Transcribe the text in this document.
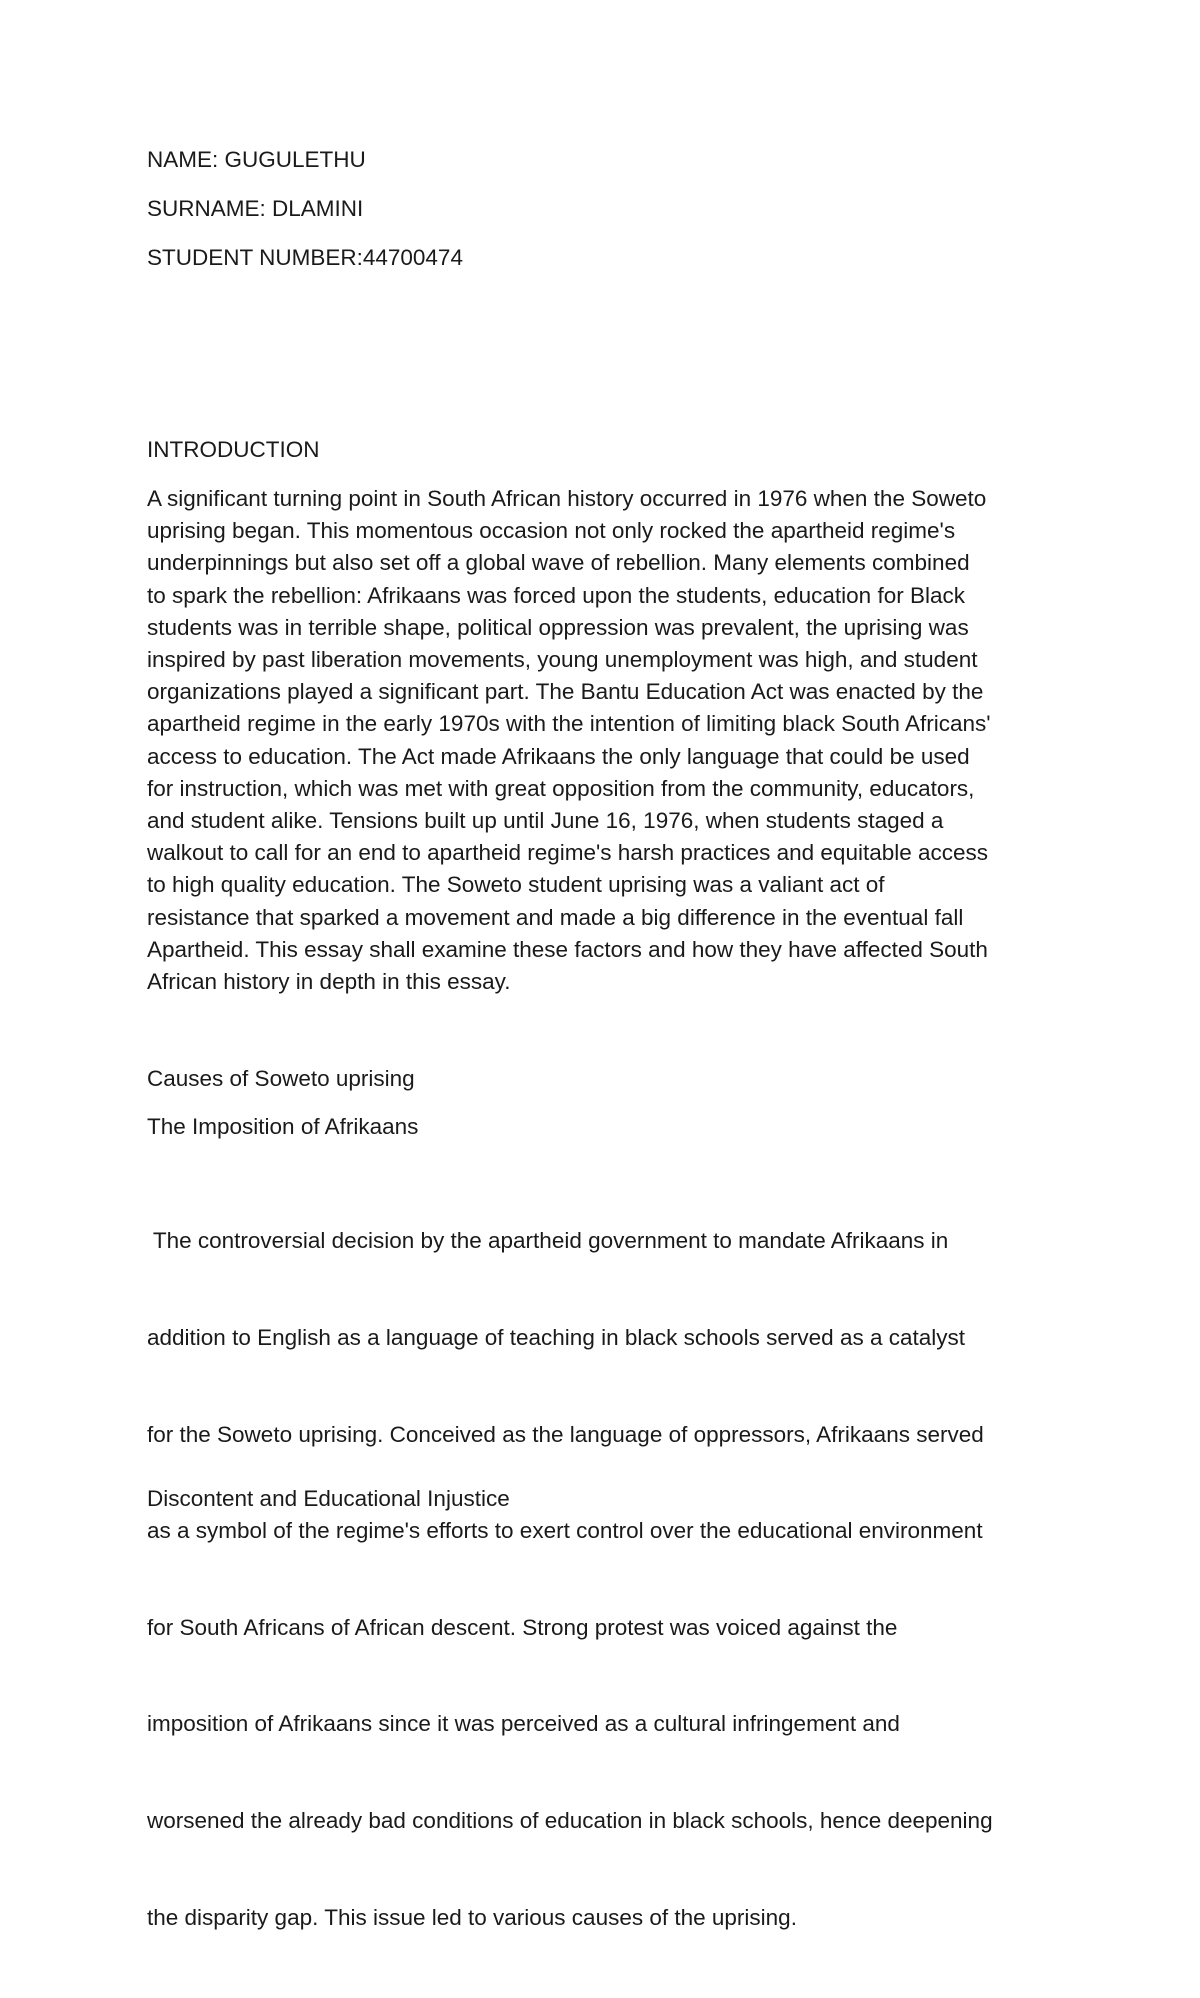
NAME: GUGULETHU

SURNAME: DLAMINI

STUDENT NUMBER:44700474

INTRODUCTION

A significant turning point in South African history occurred in 1976 when the Soweto
uprising began. This momentous occasion not only rocked the apartheid regime's
underpinnings but also set off a global wave of rebellion. Many elements combined
to spark the rebellion: Afrikaans was forced upon the students, education for Black
students was in terrible shape, political oppression was prevalent, the uprising was
inspired by past liberation movements, young unemployment was high, and student
organizations played a significant part. The Bantu Education Act was enacted by the
apartheid regime in the early 1970s with the intention of limiting black South Africans'
access to education. The Act made Afrikaans the only language that could be used
for instruction, which was met with great opposition from the community, educators,
and student alike. Tensions built up until June 16, 1976, when students staged a
walkout to call for an end to apartheid regime's harsh practices and equitable access
to high quality education. The Soweto student uprising was a valiant act of
resistance that sparked a movement and made a big difference in the eventual fall
Apartheid. This essay shall examine these factors and how they have affected South
African history in depth in this essay.

Causes of Soweto uprising

The Imposition of Afrikaans

The controversial decision by the apartheid government to mandate Afrikaans in

addition to English as a language of teaching in black schools served as a catalyst

for the Soweto uprising. Conceived as the language of oppressors, Afrikaans served

as a symbol of the regime's efforts to exert control over the educational environment

for South Africans of African descent. Strong protest was voiced against the

imposition of Afrikaans since it was perceived as a cultural infringement and

worsened the already bad conditions of education in black schools, hence deepening

the disparity gap. This issue led to various causes of the uprising.

Discontent and Educational Injustice
